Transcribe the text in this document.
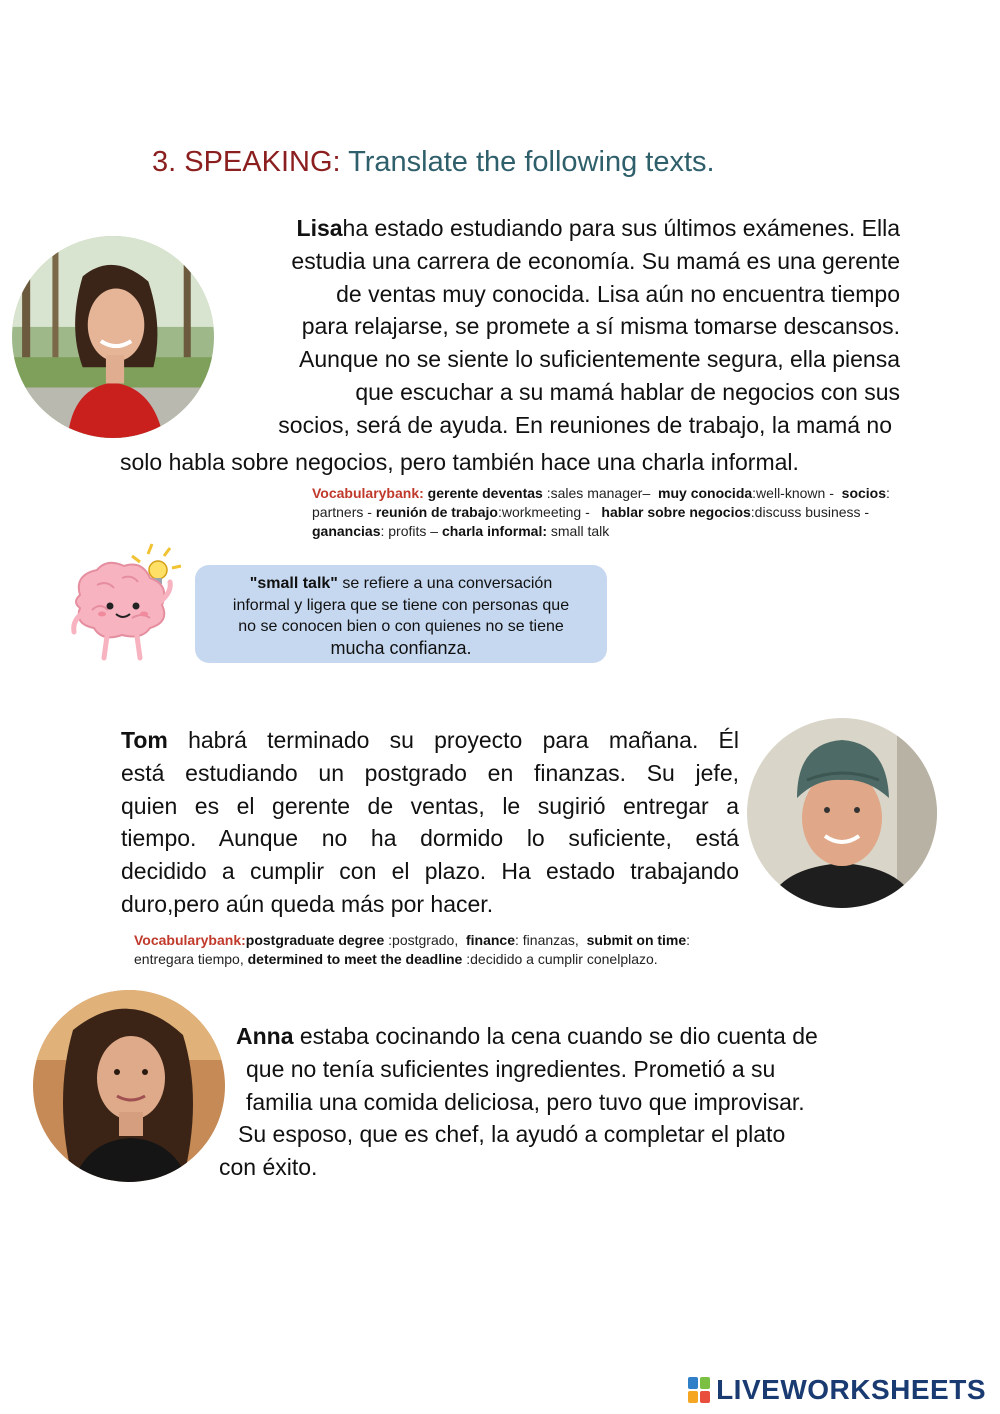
3. SPEAKING: Translate the following texts.
Lisaha estado estudiando para sus últimos exámenes. Ella
estudia una carrera de economía. Su mamá es una gerente
de ventas muy conocida. Lisa aún no encuentra tiempo
para relajarse, se promete a sí misma tomarse descansos.
Aunque no se siente lo suficientemente segura, ella piensa
que escuchar a su mamá hablar de negocios con sus
socios, será de ayuda. En reuniones de trabajo, la mamá no
solo habla sobre negocios, pero también hace una charla informal.
Vocabularybank: gerente deventas :sales manager– muy conocida:well-known - socios:
partners - reunión de trabajo:workmeeting - hablar sobre negocios:discuss business -
ganancias: profits – charla informal: small talk
"small talk" se refiere a una conversación
informal y ligera que se tiene con personas que
no se conocen bien o con quienes no se tiene
mucha confianza.
Tom habrá terminado su proyecto para mañana. Él
está estudiando un postgrado en finanzas. Su jefe,
quien es el gerente de ventas, le sugirió entregar a
tiempo. Aunque no ha dormido lo suficiente, está
decidido a cumplir con el plazo. Ha estado trabajando
duro,pero aún queda más por hacer.
Vocabularybank:postgraduate degree :postgrado, finance: finanzas, submit on time:
entregara tiempo, determined to meet the deadline :decidido a cumplir conelplazo.
Anna estaba cocinando la cena cuando se dio cuenta de
que no tenía suficientes ingredientes. Prometió a su
familia una comida deliciosa, pero tuvo que improvisar.
Su esposo, que es chef, la ayudó a completar el plato
con éxito.
LIVEWORKSHEETS
